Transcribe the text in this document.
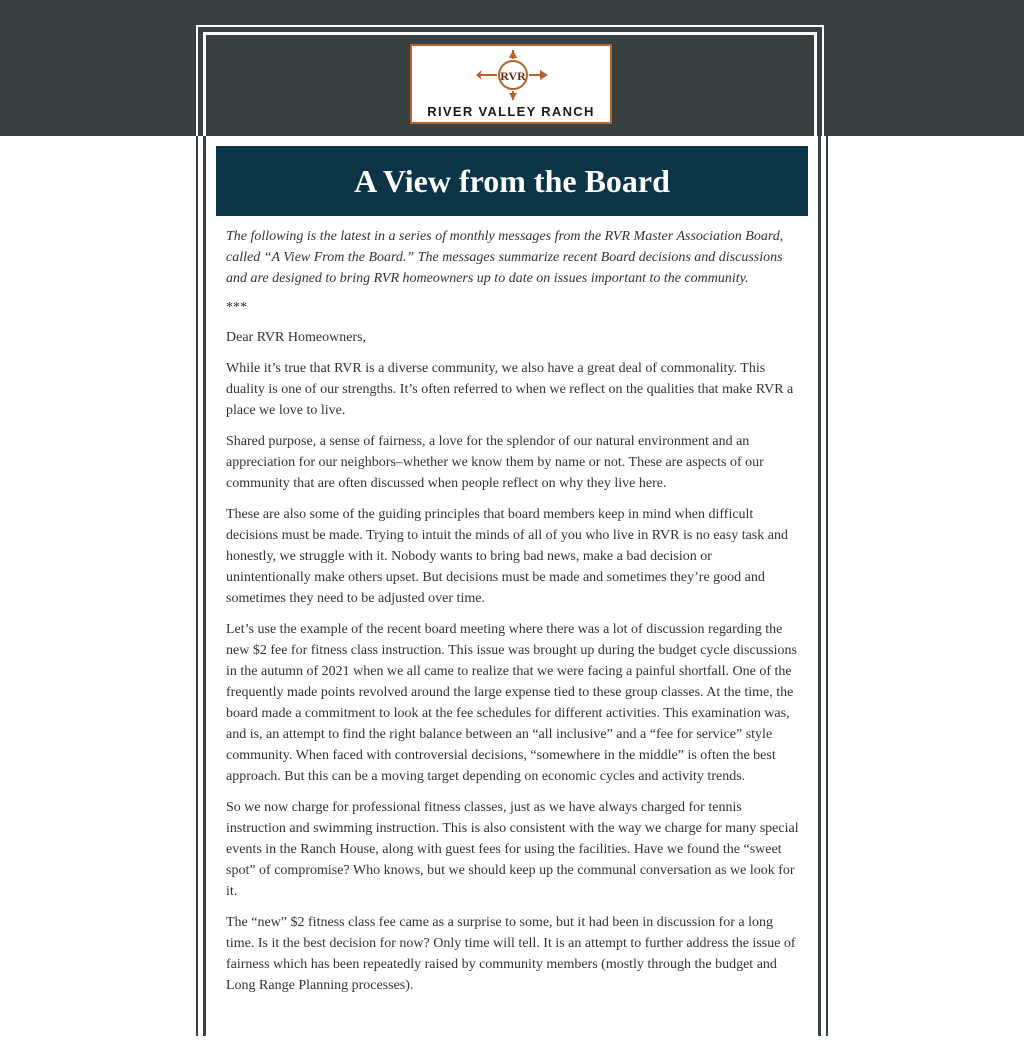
RVR
RIVER VALLEY RANCH
A View from the Board

The following is the latest in a series of monthly messages from the RVR Master Association Board, called “A View From the Board.” The messages summarize recent Board decisions and discussions and are designed to bring RVR homeowners up to date on issues important to the community.

***

Dear RVR Homeowners,

While it’s true that RVR is a diverse community, we also have a great deal of commonality. This duality is one of our strengths. It’s often referred to when we reflect on the qualities that make RVR a place we love to live.

Shared purpose, a sense of fairness, a love for the splendor of our natural environment and an appreciation for our neighbors–whether we know them by name or not. These are aspects of our community that are often discussed when people reflect on why they live here.

These are also some of the guiding principles that board members keep in mind when difficult decisions must be made. Trying to intuit the minds of all of you who live in RVR is no easy task and honestly, we struggle with it. Nobody wants to bring bad news, make a bad decision or unintentionally make others upset. But decisions must be made and sometimes they’re good and sometimes they need to be adjusted over time.

Let’s use the example of the recent board meeting where there was a lot of discussion regarding the new $2 fee for fitness class instruction. This issue was brought up during the budget cycle discussions in the autumn of 2021 when we all came to realize that we were facing a painful shortfall. One of the frequently made points revolved around the large expense tied to these group classes. At the time, the board made a commitment to look at the fee schedules for different activities. This examination was, and is, an attempt to find the right balance between an “all inclusive” and a “fee for service” style community. When faced with controversial decisions, “somewhere in the middle” is often the best approach. But this can be a moving target depending on economic cycles and activity trends.

So we now charge for professional fitness classes, just as we have always charged for tennis instruction and swimming instruction. This is also consistent with the way we charge for many special events in the Ranch House, along with guest fees for using the facilities. Have we found the “sweet spot” of compromise? Who knows, but we should keep up the communal conversation as we look for it.

The “new” $2 fitness class fee came as a surprise to some, but it had been in discussion for a long time. Is it the best decision for now? Only time will tell. It is an attempt to further address the issue of fairness which has been repeatedly raised by community members (mostly through the budget and Long Range Planning processes).
